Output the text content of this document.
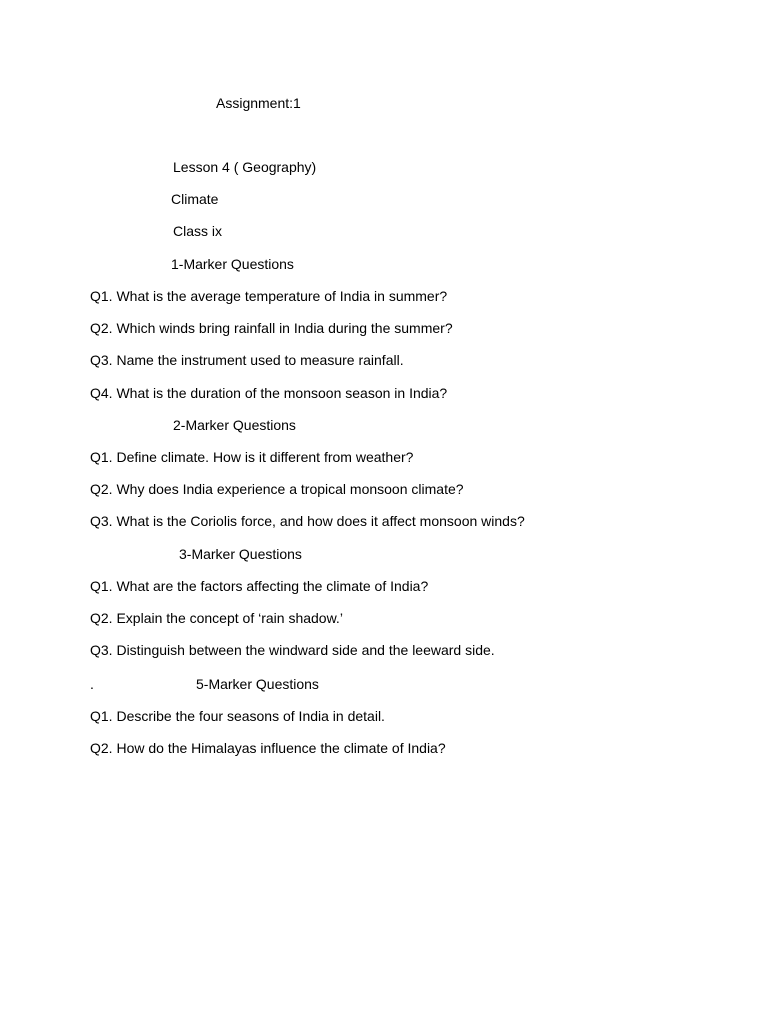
Assignment:1
Lesson 4 ( Geography)
Climate
Class ix
1-Marker Questions
Q1. What is the average temperature of India in summer?
Q2. Which winds bring rainfall in India during the summer?
Q3. Name the instrument used to measure rainfall.
Q4. What is the duration of the monsoon season in India?
2-Marker Questions
Q1. Define climate. How is it different from weather?
Q2. Why does India experience a tropical monsoon climate?
Q3. What is the Coriolis force, and how does it affect monsoon winds?
3-Marker Questions
Q1. What are the factors affecting the climate of India?
Q2. Explain the concept of ‘rain shadow.’
Q3. Distinguish between the windward side and the leeward side.
.	5-Marker Questions
Q1. Describe the four seasons of India in detail.
Q2. How do the Himalayas influence the climate of India?
